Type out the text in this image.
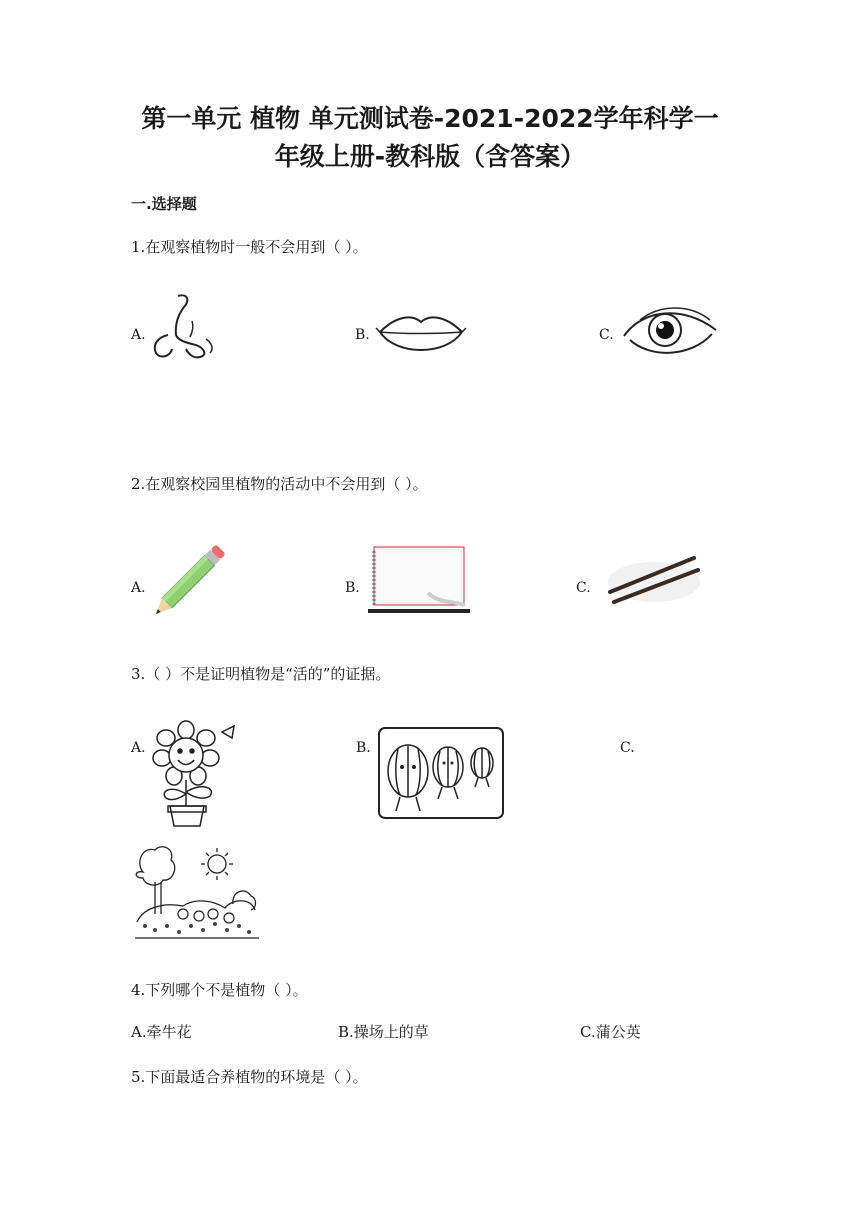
第一单元 植物 单元测试卷-2021-2022学年科学一
年级上册-教科版（含答案）
一.选择题
1.在观察植物时一般不会用到（ ）。
A.	B.	C.
2.在观察校园里植物的活动中不会用到（ ）。
A.	B.	C.
3.（ ）不是证明植物是“活的”的证据。
A.	B.	C.
4.下列哪个不是植物（ ）。
A.牵牛花	B.操场上的草	C.蒲公英
5.下面最适合养植物的环境是（ ）。
